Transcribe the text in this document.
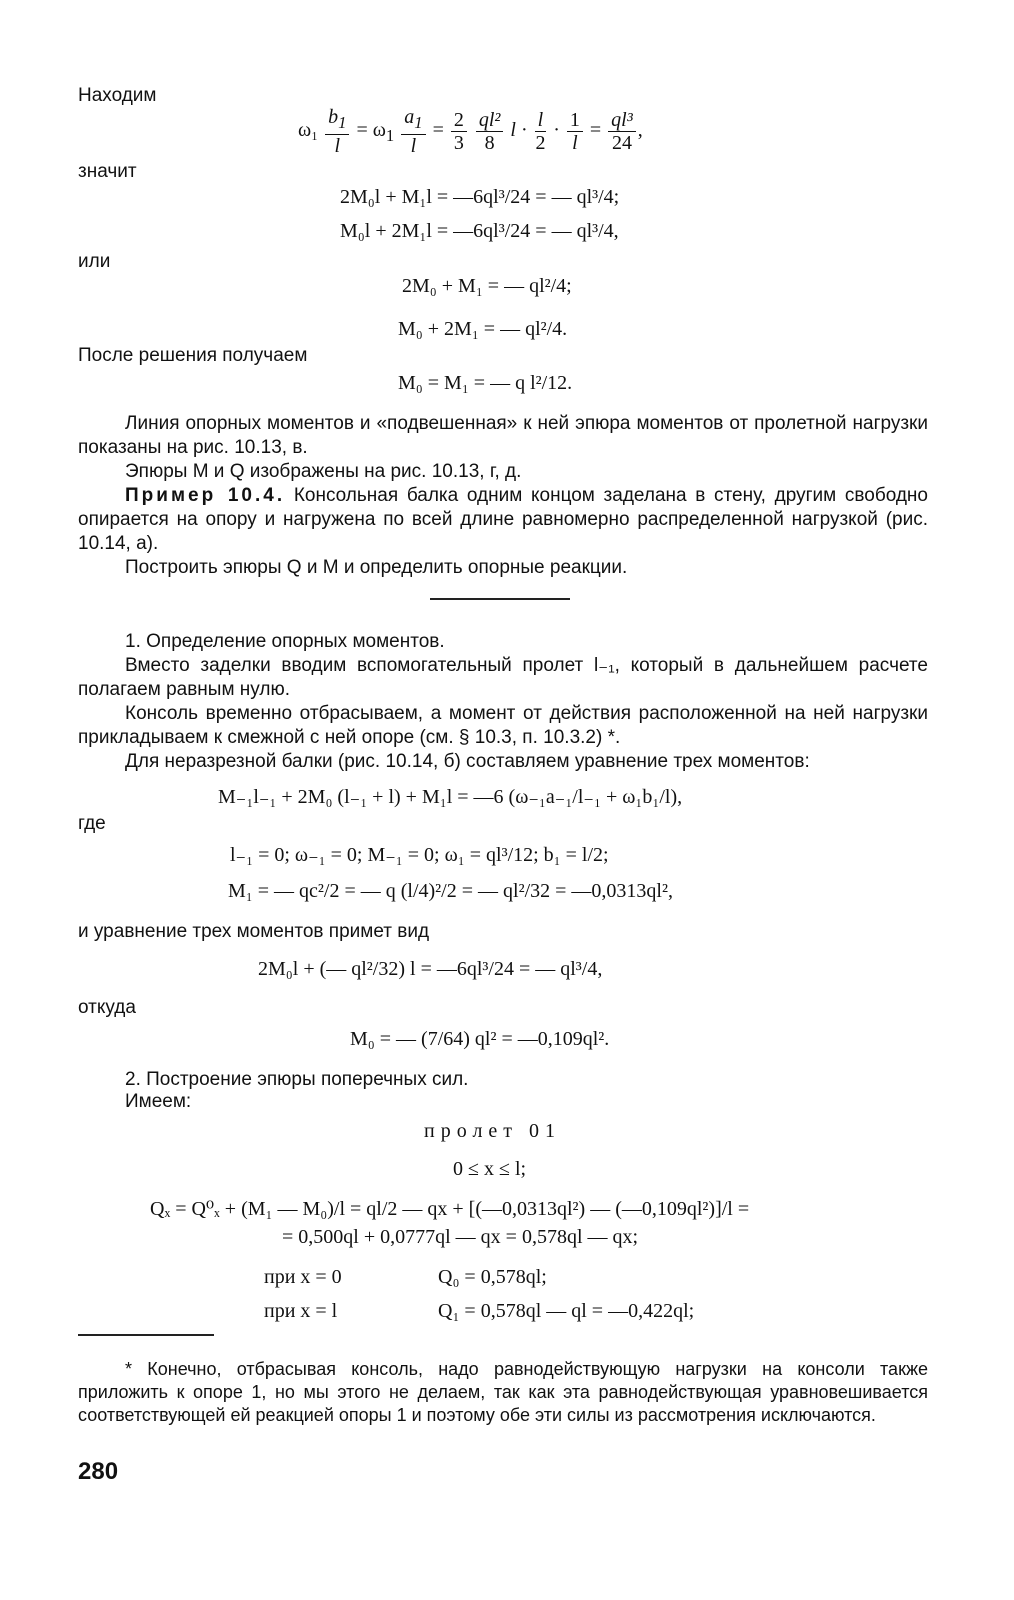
Находим
$\omega_1 \frac{b_1}{l} = \omega_1 \frac{a_1}{l} = \frac{2}{3}$
$\frac{\text{ql²}}{8}$ $l \cdot \frac{l}{2} \cdot \frac{1}{l} = \frac{\text{ql³}}{24}$ ,
значит
2M₀l + M₁l = —6ql³/24 = — ql³/4;
M₀l + 2M₁l = —6ql³/24 = — ql³/4,
или
2M₀ + M₁ = — ql²/4;
M₀ + 2M₁ = — ql²/4.
После решения получаем
M₀ = M₁ = — q l²/12.
Линия опорных моментов и «подвешенная» к ней эпюра моментов от пролетной нагрузки показаны на рис. 10.13, в.
Эпюры M и Q изображены на рис. 10.13, г, д.
Пример 10.4. Консольная балка одним концом заделана в стену, другим свободно опирается на опору и нагружена по всей длине равномерно распределенной нагрузкой (рис. 10.14, а).
Построить эпюры Q и M и определить опорные реакции.
1. Определение опорных моментов.
Вместо заделки вводим вспомогательный пролет l₋₁, который в дальнейшем расчете полагаем равным нулю.
Консоль временно отбрасываем, а момент от действия расположенной на ней нагрузки прикладываем к смежной с ней опоре (см. § 10.3, п. 10.3.2) *.
Для неразрезной балки (рис. 10.14, б) составляем уравнение трех моментов:
M₋₁l₋₁ + 2M₀ (l₋₁ + l) + M₁l = —6 (ω₋₁a₋₁/l₋₁ + ω₁b₁/l),
где
l₋₁ = 0; ω₋₁ = 0; M₋₁ = 0; ω₁ = ql³/12; b₁ = l/2;
M₁ = — qc²/2 = — q (l/4)²/2 = — ql²/32 = —0,0313ql²,
и уравнение трех моментов примет вид
2M₀l + (— ql²/32) l = —6ql³/24 = — ql³/4,
откуда
M₀ = — (7/64) ql² = —0,109ql².
2. Построение эпюры поперечных сил.
Имеем:
пролет 01
0 ≤ x ≤ l;
Qₓ = Q⁰ₓ + (M₁ — M₀)/l = ql/2 — qx + [(—0,0313ql²) — (—0,109ql²)]/l =
= 0,500ql + 0,0777ql — qx = 0,578ql — qx;
при x = 0	Q₀ = 0,578ql;
при x = l	Q₁ = 0,578ql — ql = —0,422ql;
* Конечно, отбрасывая консоль, надо равнодействующую нагрузки на консоли также приложить к опоре 1, но мы этого не делаем, так как эта равнодействующая уравновешивается соответствующей ей реакцией опоры 1 и поэтому обе эти силы из рассмотрения исключаются.
280
